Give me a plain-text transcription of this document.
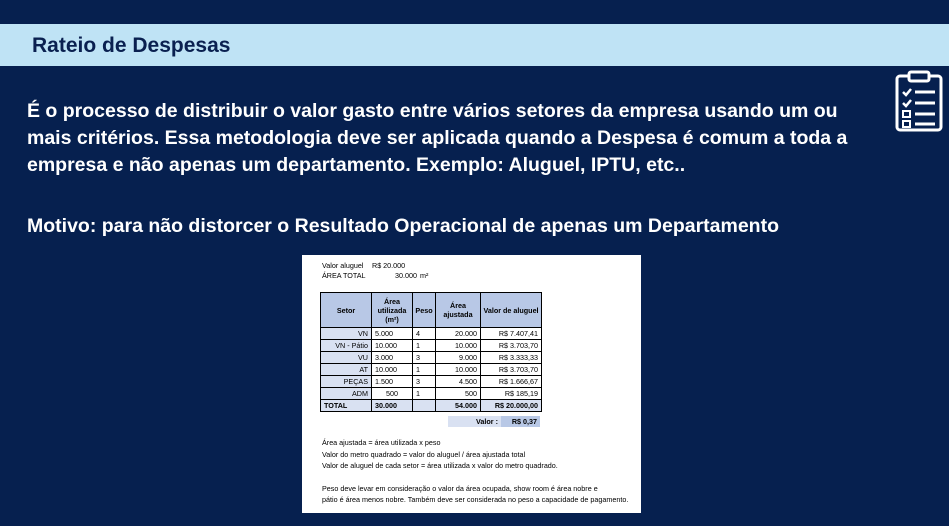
Rateio de Despesas
É o processo de distribuir o valor gasto entre vários setores da empresa usando um ou mais critérios. Essa metodologia deve ser aplicada quando a Despesa é comum a toda a empresa e não apenas um departamento. Exemplo: Aluguel, IPTU, etc..
Motivo: para não distorcer o Resultado Operacional de apenas um Departamento
Valor aluguel	R$ 20.000
ÁREA TOTAL	30.000 m²
Setor	Área utilizada (m²)	Peso	Área ajustada	Valor de aluguel
VN	5.000	4	20.000	R$ 7.407,41
VN - Pátio	10.000	1	10.000	R$ 3.703,70
VU	3.000	3	9.000	R$ 3.333,33
AT	10.000	1	10.000	R$ 3.703,70
PEÇAS	1.500	3	4.500	R$ 1.666,67
ADM	500	1	500	R$ 185,19
TOTAL	30.000		54.000	R$ 20.000,00
Valor :	R$ 0,37

Área ajustada = área utilizada x peso

Valor do metro quadrado = valor do aluguel / área ajustada total

Valor de aluguel de cada setor = área utilizada x valor do metro quadrado.

Peso deve levar em consideração o valor da área ocupada, show room é área nobre e

pátio é área menos nobre. Também deve ser considerada no peso a capacidade de pagamento.
